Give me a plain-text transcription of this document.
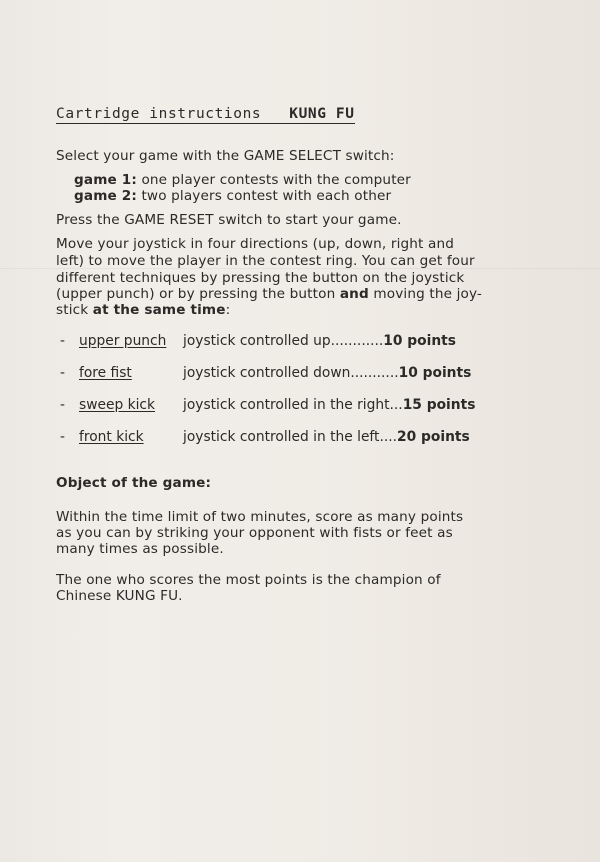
Cartridge instructions KUNG FU
Select your game with the GAME SELECT switch:
game 1: one player contests with the computer
game 2: two players contest with each other
Press the GAME RESET switch to start your game.
Move your joystick in four directions (up, down, right and
left) to move the player in the contest ring. You can get four
different techniques by pressing the button on the joystick
(upper punch) or by pressing the button and moving the joy-
stick at the same time:
- upper punch joystick controlled up............10 points
- fore fist	joystick controlled down...........10 points
- sweep kick joystick controlled in the right...15 points
- front kick	joystick controlled in the left....20 points
Object of the game:
Within the time limit of two minutes, score as many points
as you can by striking your opponent with fists or feet as
many times as possible.
The one who scores the most points is the champion of
Chinese KUNG FU.
